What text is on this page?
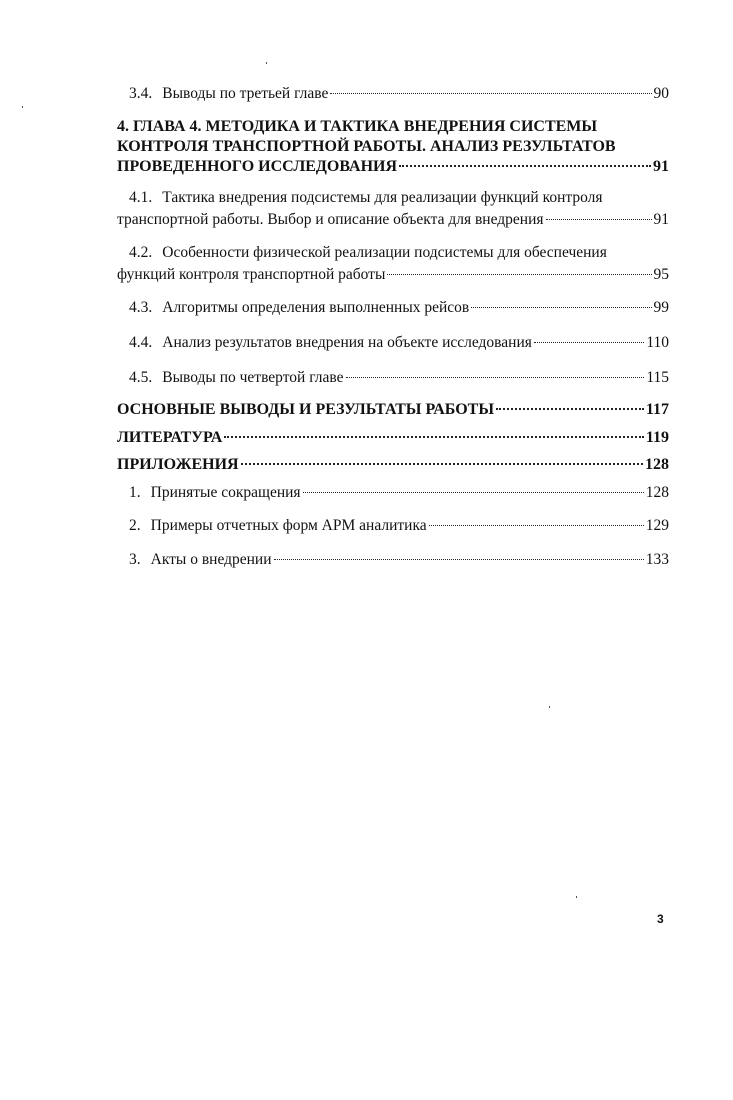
3.4. Выводы по третьей главе	90
4. ГЛАВА 4. МЕТОДИКА И ТАКТИКА ВНЕДРЕНИЯ СИСТЕМЫ
КОНТРОЛЯ ТРАНСПОРТНОЙ РАБОТЫ. АНАЛИЗ РЕЗУЛЬТАТОВ
ПРОВЕДЕННОГО ИССЛЕДОВАНИЯ	91
4.1. Тактика внедрения подсистемы для реализации функций контроля
транспортной работы. Выбор и описание объекта для внедрения	91
4.2. Особенности физической реализации подсистемы для обеспечения
функций контроля транспортной работы	95
4.3. Алгоритмы определения выполненных рейсов	99
4.4. Анализ результатов внедрения на объекте исследования	110
4.5. Выводы по четвертой главе	115
ОСНОВНЫЕ ВЫВОДЫ И РЕЗУЛЬТАТЫ РАБОТЫ	117
ЛИТЕРАТУРА	119
ПРИЛОЖЕНИЯ	128
1. Принятые сокращения	128
2. Примеры отчетных форм АРМ аналитика	129
3. Акты о внедрении	133
3
